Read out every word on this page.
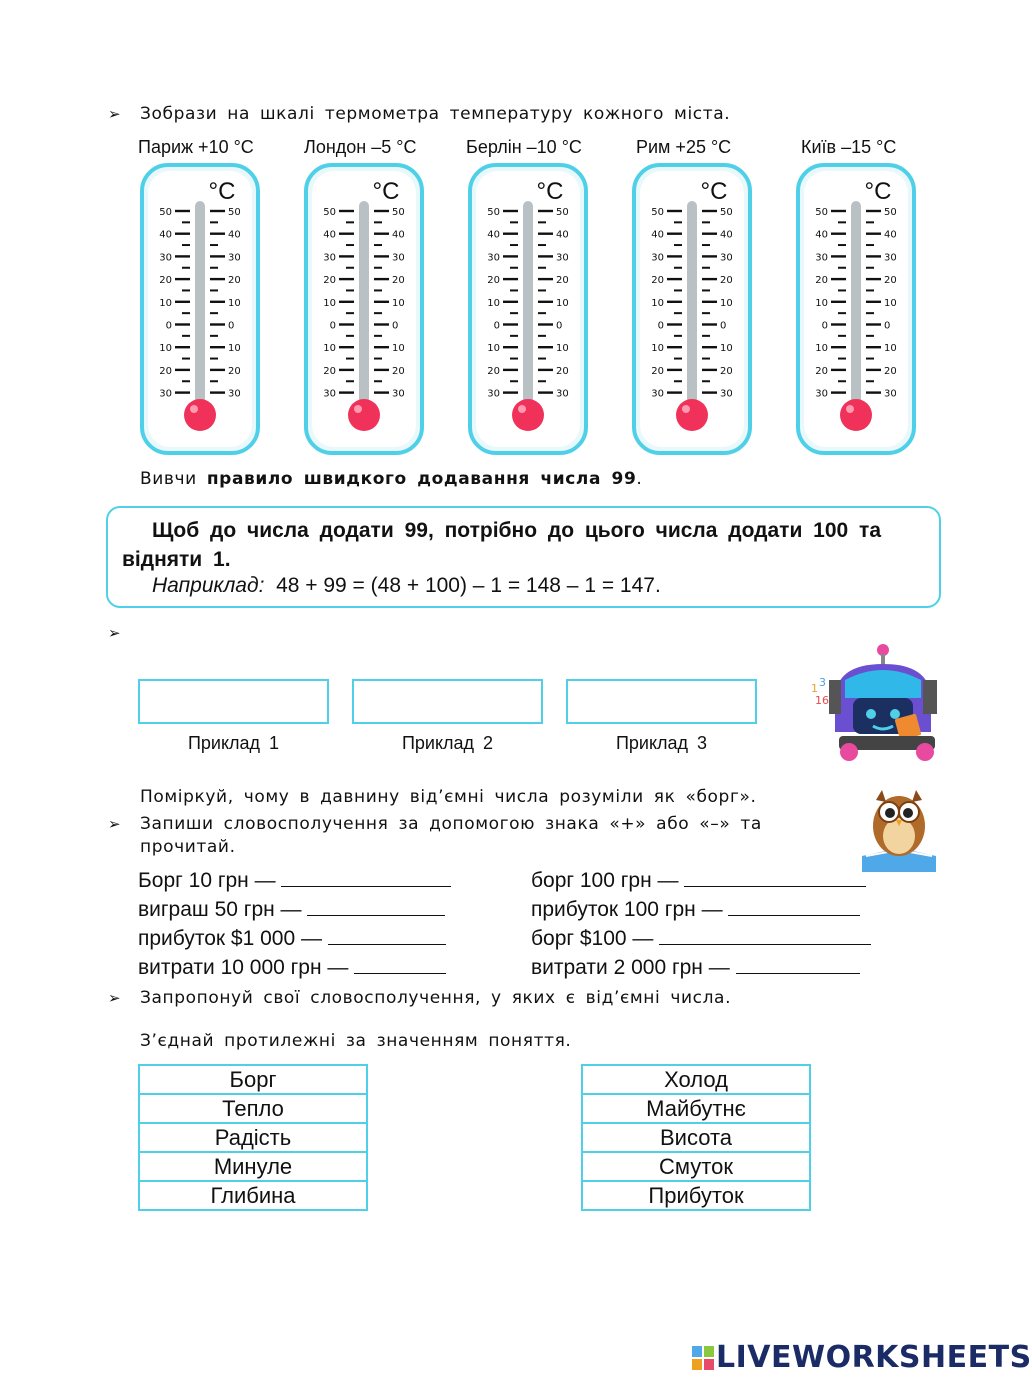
➢ Зобрази на шкалі термометра температуру кожного міста.
Париж +10 °C	Лондон –5 °C	Берлін –10 °C	Рим +25 °C	Київ –15 °C
°C
50	50
40	40
30	30
20	20
10	10
0	0
10	10
20	20
30	30
°C
50	50
40	40
30	30
20	20
10	10
0	0
10	10
20	20
30	30
°C
50	50
40	40
30	30
20	20
10	10
0	0
10	10
20	20
30	30
°C
50	50
40	40
30	30
20	20
10	10
0	0
10	10
20	20
30	30
°C
50	50
40	40
30	30
20	20
10	10
0	0
10	10
20	20
30	30
Вивчи правило швидкого додавання числа 99.
Щоб до числа додати 99, потрібно до цього числа додати 100 та відняти 1.
Наприклад: 48 + 99 = (48 + 100) – 1 = 148 – 1 = 147.
➢
Приклад 1	Приклад 2	Приклад 3
1 3
16
Поміркуй, чому в давнину від’ємні числа розуміли як «борг».
➢ Запиши словосполучення за допомогою знака «+» або «–» та
прочитай.
Борг 10 грн —
виграш 50 грн —
прибуток $1 000 —
витрати 10 000 грн —
борг 100 грн —
прибуток 100 грн —
борг $100 —
витрати 2 000 грн —
➢ Запропонуй свої словосполучення, у яких є від’ємні числа.
З’єднай протилежні за значенням поняття.
Борг
Тепло
Радість
Минуле
Глибина
Холод
Майбутнє
Висота
Смуток
Прибуток
LIVEWORKSHEETS
